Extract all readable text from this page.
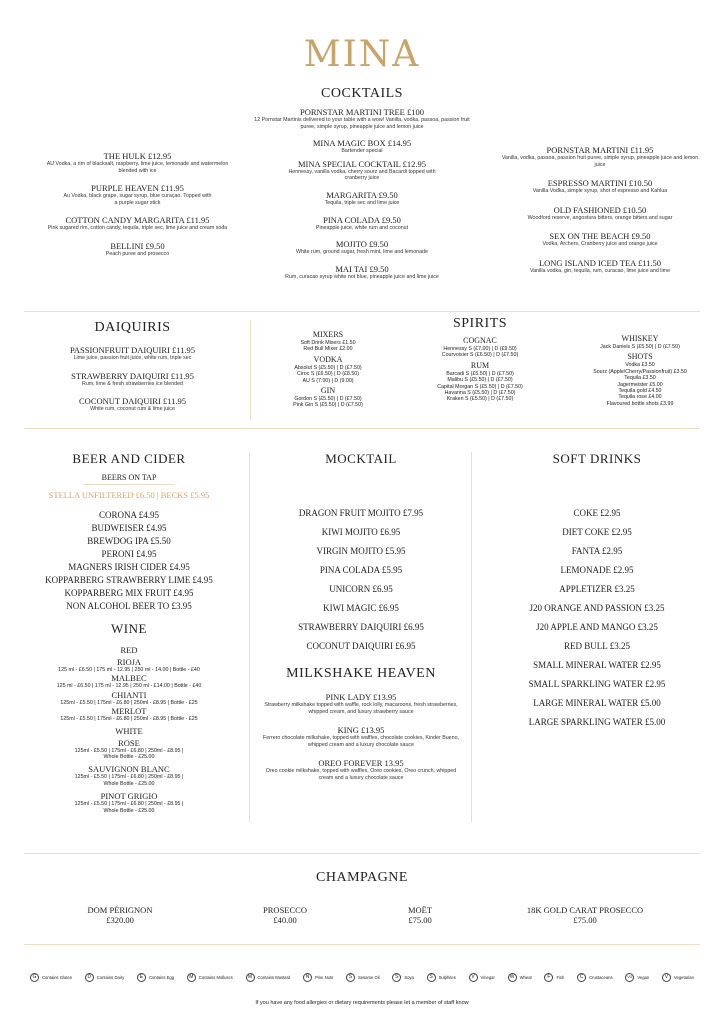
MINA
COCKTAILS
PORNSTAR MARTINI TREE £100
12 Pornstar Martinis delivered to your table with a wow! Vanilla, vodka, passoa, passion fruit puree, simple syrup, pineapple juice and lemon juice
MINA MAGIC BOX £14.95
Bartender special
MINA SPECIAL COCKTAIL £12.95
Hennessy, vanilla vodka, cherry sourz and Bacardi topped with cranberry juice
MARGARITA £9.50
Tequila, triple sec and lime juice
PINA COLADA £9.50
Pineapple juice, white rum and coconut
MOJITO £9.50
White rum, ground sugar, fresh mint, lime and lemonade
MAI TAI £9.50
Rum, curacao syrup white not blue, pineapple juice and lime juice
THE HULK £12.95
AU Vodka, a rim of blacksalt, raspberry, lime juice, lemonade and watermelon blended with ice
PURPLE HEAVEN £11.95
Au Vodka, black grape, sugar syrup, blue curaçao. Topped with a purple sugar stick
COTTON CANDY MARGARITA £11.95
Pink sugared rim, cotton candy, tequila, triple sec, lime juice and cream soda
BELLINI £9.50
Peach puree and prosecco
PORNSTAR MARTINI £11.95
Vanilla, vodka, passoa, passion fruit puree, simple syrup, pineapple juice and lemon juice
ESPRESSO MARTINI £10.50
Vanilla Vodka, simple syrup, shot of espresso and Kahlua
OLD FASHIONED £10.50
Woodford reserve, angostura bitters, orange bitters and sugar
SEX ON THE BEACH £9.50
Vodka, Archers, Cranberry juice and orange juice
LONG ISLAND ICED TEA £11.50
Vanilla vodka, gin, tequila, rum, curacao, lime juice and lime
DAIQUIRIS
PASSIONFRUIT DAIQUIRI £11.95
Lime juice, passion fruit juice, white rum, triple sec
STRAWBERRY DAIQUIRI £11.95
Rum, lime & fresh strawberries ice blended
COCONUT DAIQUIRI £11.95
White rum, coconut rum & lime juice
SPIRITS
MIXERS
Soft Drink Mixers £1.50
Red Bull Mixer £2.00
VODKA
Absolut S (£5.50) | D (£7.50)
Ciroc S (£6.50) | D (£8.50)
AU S (7.00) | D (9.00)
GIN
Gordon S (£5.50) | D (£7.50)
Pink Gin S (£5.50) | D (£7.50)
COGNAC
Hennessy S (£7.00) | D (£9.50)
Courvoisier S (£6.50) | D (£7.50)
RUM
Barcadi S (£5.50) | D (£7.50)
Malibu S (£5.50) | D (£7.50)
Capital Morgan S (£5.50) | D (£7.50)
Havanna S (£5.50) | D (£7.50)
Kraken S (£5.50) | D (£7.50)
WHISKEY
Jack Daniels S (£5.50) | D (£7.50)
SHOTS
Vodka £3.50
Sourz (Apple/Cherry/Passionfruit) £3.50
Tequila £3.50
Jagermeister £5.00
Tequila gold £4.50
Tequila rose £4.00
Flavoured bottle shots £3.99
BEER AND CIDER
BEERS ON TAP
STELLA UNFILTERED £6.50 | BECKS £5.95
CORONA £4.95
BUDWEISER £4.95
BREWDOG IPA £5.50
PERONI £4.95
MAGNERS IRISH CIDER £4.95
KOPPARBERG STRAWBERRY LIME £4.95
KOPPARBERG MIX FRUIT £4.95
NON ALCOHOL BEER TO £3.95
WINE
RED
RIOJA
125 ml - £6.50 | 175 ml - 12.95 | 250 ml - 14.00 | Bottle - £40
MALBEC
125 ml - £6.50 | 175 ml - 12.95 | 250 ml - £14.00 | Bottle - £40
CHIANTI
125ml - £5.50 | 175ml - £6.80 | 250ml - £8.95 | Bottle - £25
MERLOT
125ml - £5.50 | 175ml - £6.80 | 250ml - £8.95 | Bottle - £25
WHITE
ROSE
125ml - £5.50 | 175ml - £6.80 | 250ml - £8.95 |
Whole Bottle - £25.00
SAUVIGNON BLANC
125ml - £5.50 | 175ml - £6.80 | 250ml - £8.95 |
Whole Bottle - £25.00
PINOT GRIGIO
125ml - £5.50 | 175ml - £6.80 | 250ml - £8.95 |
Whole Bottle - £25.00
MOCKTAIL
DRAGON FRUIT MOJITO £7.95
KIWI MOJITO £6.95
VIRGIN MOJITO £5.95
PINA COLADA £5.95
UNICORN £6.95
KIWI MAGIC £6.95
STRAWBERRY DAIQUIRI £6.95
COCONUT DAIQUIRI £6.95
MILKSHAKE HEAVEN
PINK LADY £13.95
Strawberry milkshake topped with waffle, rock lolly, macaroons, fresh strawberries, whipped cream, and luxury strawberry sauce
KING £13.95
Ferrero chocolate milkshake, topped with waffles, chocolate cookies, Kinder Bueno, whipped cream and a luxury chocolate sauce
OREO FOREVER 13.95
Oreo cookie milkshake, topped with waffles, Oreo cookies, Oreo crunch, whipped cream and a luxury chocolate sauce
SOFT DRINKS
COKE £2.95
DIET COKE £2.95
FANTA £2.95
LEMONADE £2.95
APPLETIZER £3.25
J20 ORANGE AND PASSION £3.25
J20 APPLE AND MANGO £3.25
RED BULL £3.25
SMALL MINERAL WATER £2.95
SMALL SPARKLING WATER £2.95
LARGE MINERAL WATER £5.00
LARGE SPARKLING WATER £5.00
CHAMPAGNE
DOM PÉRIGNON
£320.00
PROSECCO
£40.00
MOËT
£75.00
18K GOLD CARAT PROSECCO
£75.00
G	Contains Gluten	D	Contains Dairy	E	Contains Egg	M	Contains Molluscs	M	Contains Mustard	N	Pine Nuts	S	Sesame Oil	S	Soya	S	Sulphites	V	Vinegar	W	Wheat	F	Fish	C	Crustaceans	VG	Vegan	V	Vegetarian
If you have any food allergies or dietary requirements please let a member of staff know
